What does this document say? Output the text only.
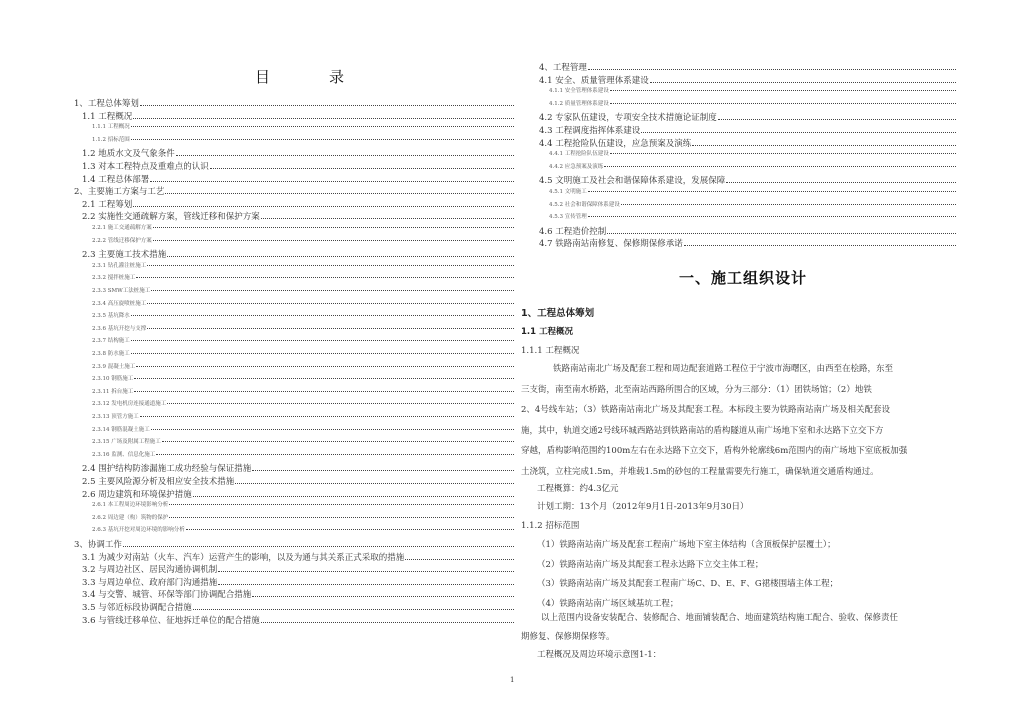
目　录
1、工程总体筹划
1.1 工程概况
1.1.1 工程概况
1.1.2 招标范围
1.2 地质水文及气象条件
1.3 对本工程特点及重难点的认识
1.4 工程总体部署
2、主要施工方案与工艺
2.1 工程筹划
2.2 实施性交通疏解方案，管线迁移和保护方案
2.2.1 施工交通疏解方案
2.2.2 管线迁移保护方案
2.3 主要施工技术措施
2.3.1 钻孔灌注桩施工
2.3.2 搅拌桩施工
2.3.3 SMW工法桩施工
2.3.4 高压旋喷桩施工
2.3.5 基坑降水
2.3.6 基坑开挖与支撑
2.3.7 结构施工
2.3.8 防水施工
2.3.9 混凝土施工
2.3.10 钢筋施工
2.3.11 拆台施工
2.3.12 发电机房连接通道施工
2.3.13 顶管方施工
2.3.14 钢筋混凝土施工
2.3.15 广场及附属工程施工
2.3.16 监测、信息化施工
2.4 围护结构防渗漏施工成功经验与保证措施
2.5 主要风险源分析及相应安全技术措施
2.6 周边建筑和环境保护措施
2.6.1 本工程周边环境影响分析
2.6.2 周边建（构）筑物的保护
2.6.3 基坑开挖对周边环境的影响分析
3、协调工作
3.1 为减少对南站（火车、汽车）运营产生的影响，以及为通与其关系正式采取的措施
3.2 与周边社区、居民沟通协调机制
3.3 与周边单位、政府部门沟通措施
3.4 与交警、城管、环保等部门协调配合措施
3.5 与邻近标段协调配合措施
3.6 与管线迁移单位、征地拆迁单位的配合措施
4、工程管理
4.1 安全、质量管理体系建设
4.1.1 安全管理体系建设
4.1.2 质量管理体系建设
4.2 专家队伍建设，专项安全技术措施论证制度
4.3 工程调度指挥体系建设
4.4 工程抢险队伍建设，应急预案及演练
4.4.1 工程抢险队伍建设
4.4.2 应急预案及演练
4.5 文明施工及社会和谐保障体系建设，发展保障
4.5.1 文明施工
4.5.2 社会和谐保障体系建设
4.5.3 宣传管理
4.6 工程造价控制
4.7 铁路南站南修复、保修期保修承诺
一、施工组织设计
1、工程总体筹划
1.1 工程概况
1.1.1 工程概况
铁路南站南北广场及配套工程和周边配套道路工程位于宁波市海曙区，由西至在桧路，东至
三支街，南至南水桥路，北至南站西路所围合的区域，分为三部分：（1）团铁场馆；（2）地铁
2、4号线车站；（3）铁路南站南北广场及其配套工程。本标段主要为铁路南站南广场及相关配套设
施，其中，轨道交通2号线环城西路站到铁路南站的盾构隧道从南广场地下室和永达路下立交下方
穿越，盾构影响范围约100m左右在永达路下立交下，盾构外轮廓线6m范围内的南广场地下室底板加强
土浇筑，立柱完成1.5m，并堆载1.5m的砂包的工程量需要先行施工，确保轨道交通盾构通过。
工程概算：约4.3亿元
计划工期：13个月（2012年9月1日-2013年9月30日）
1.1.2 招标范围
（1）铁路南站南广场及配套工程南广场地下室主体结构（含顶板保护层覆土）；
（2）铁路南站南广场及其配套工程永达路下立交主体工程；
（3）铁路南站南广场及其配套工程南广场C、D、E、F、G裙楼围墙主体工程；
（4）铁路南站南广场区域基坑工程；
以上范围内设备安装配合、装修配合、地面铺装配合、地面建筑结构施工配合、验收、保修责任
期修复、保修期保修等。
工程概况及周边环境示意图1-1：
1
